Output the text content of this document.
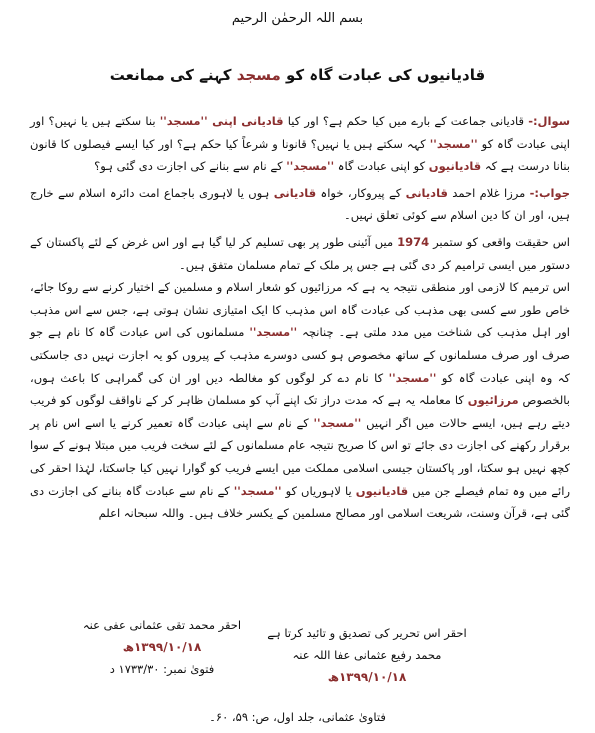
بسم اللہ الرحمٰن الرحیم
قادیانیوں کی عبادت گاہ کو مسجد کہنے کی ممانعت

سوال:- قادیانی جماعت کے بارے میں کیا حکم ہے؟ اور کیا قادیانی اپنی ''مسجد'' بنا سکتے ہیں یا نہیں؟ اور اپنی عبادت گاہ کو ''مسجد'' کہہ سکتے ہیں یا نہیں؟ قانونا و شرعاً کیا حکم ہے؟ اور کیا ایسے فیصلوں کا قانون بنانا درست ہے کہ قادیانیوں کو اپنی عبادت گاہ ''مسجد'' کے نام سے بنانے کی اجازت دی گئی ہو؟

جواب:- مرزا غلام احمد قادیانی کے پیروکار، خواہ قادیانی ہوں یا لاہوری باجماع امت دائرہ اسلام سے خارج ہیں، اور ان کا دین اسلام سے کوئی تعلق نہیں۔

اس حقیقت واقعی کو ستمبر 1974 میں آئینی طور پر بھی تسلیم کر لیا گیا ہے اور اس غرض کے لئے پاکستان کے دستور میں ایسی ترامیم کر دی گئی ہے جس پر ملک کے تمام مسلمان متفق ہیں۔

اس ترمیم کا لازمی اور منطقی نتیجہ یہ ہے کہ مرزائیوں کو شعار اسلام و مسلمین کے اختیار کرنے سے روکا جائے، خاص طور سے کسی بھی مذہب کی عبادت گاہ اس مذہب کا ایک امتیازی نشان ہوتی ہے، جس سے اس مذہب اور اہل مذہب کی شناخت میں مدد ملتی ہے۔ چنانچہ ''مسجد'' مسلمانوں کی اس عبادت گاہ کا نام ہے جو صرف اور صرف مسلمانوں کے ساتھ مخصوص ہو کسی دوسرے مذہب کے پیروں کو یہ اجازت نہیں دی جاسکتی کہ وہ اپنی عبادت گاہ کو ''مسجد'' کا نام دے کر لوگوں کو مغالطہ دیں اور ان کی گمراہی کا باعث ہوں، بالخصوص مرزائیوں کا معاملہ یہ ہے کہ مدت دراز تک اپنے آپ کو مسلمان ظاہر کر کے ناواقف لوگوں کو فریب دیتے رہے ہیں، ایسے حالات میں اگر انہیں ''مسجد'' کے نام سے اپنی عبادت گاہ تعمیر کرنے یا اسے اس نام پر برقرار رکھنے کی اجازت دی جائے تو اس کا صریح نتیجہ عام مسلمانوں کے لئے سخت فریب میں مبتلا ہونے کے سوا کچھ نہیں ہو سکتا، اور پاکستان جیسی اسلامی مملکت میں ایسے فریب کو گوارا نہیں کیا جاسکتا، لہٰذا احقر کی رائے میں وہ تمام فیصلے جن میں قادیانیوں یا لاہوریاں کو ''مسجد'' کے نام سے عبادت گاہ بنانے کی اجازت دی گئی ہے، قرآن وسنت، شریعت اسلامی اور مصالح مسلمین کے یکسر خلاف ہیں۔ واللہ سبحانہ اعلم

احقر اس تحریر کی تصدیق و تائید کرتا ہے
محمد رفیع عثمانی عفا اللہ عنہ
۱۳۹۹/۱۰/۱۸ھ
احقر محمد تقی عثمانی عفی عنہ
۱۳۹۹/۱۰/۱۸ھ
فتویٰ نمبر: ۱۷۳۳/۳۰ د
فتاویٰ عثمانی، جلد اول، ص: ۵۹، ۶۰۔
